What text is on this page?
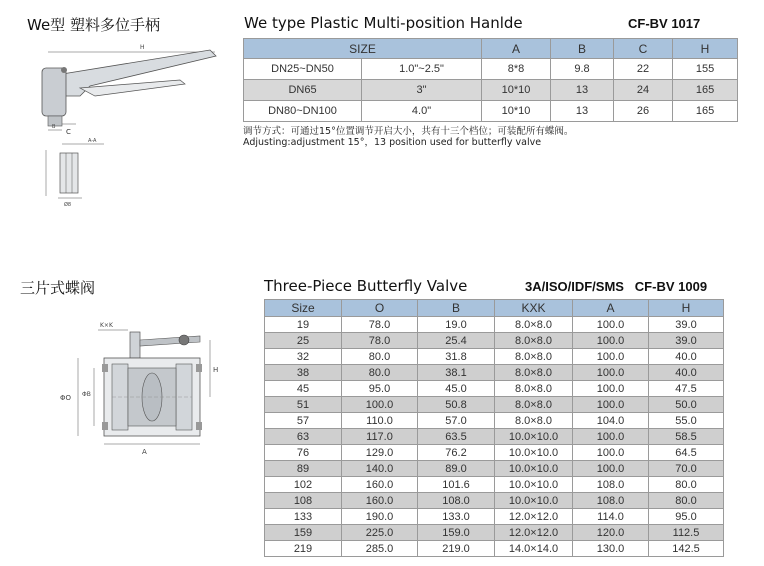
We型 塑料多位手柄	We type Plastic Multi-position Hanlde	CF-BV 1017
H
B
C
A-A
Ø8
SIZE		A	B	C	H
DN25~DN50	1.0"~2.5"	8*8	9.8	22	155
DN65	3"	10*10	13	24	165
DN80~DN100	4.0"	10*10	13	26	165
调节方式：可通过15°位置调节开启大小，共有十三个档位；可装配所有蝶阀。
Adjusting:adjustment 15°，13 position used for butterfly valve
三片式蝶阀	Three-Piece Butterfly Valve	3A/ISO/IDF/SMS   CF-BV 1009
K×K
ΦO ΦB
H
A
Size	O	B	KXK	A	H
19	78.0	19.0	8.0×8.0	100.0	39.0
25	78.0	25.4	8.0×8.0	100.0	39.0
32	80.0	31.8	8.0×8.0	100.0	40.0
38	80.0	38.1	8.0×8.0	100.0	40.0
45	95.0	45.0	8.0×8.0	100.0	47.5
51	100.0	50.8	8.0×8.0	100.0	50.0
57	110.0	57.0	8.0×8.0	104.0	55.0
63	117.0	63.5	10.0×10.0	100.0	58.5
76	129.0	76.2	10.0×10.0	100.0	64.5
89	140.0	89.0	10.0×10.0	100.0	70.0
102	160.0	101.6	10.0×10.0	108.0	80.0
108	160.0	108.0	10.0×10.0	108.0	80.0
133	190.0	133.0	12.0×12.0	114.0	95.0
159	225.0	159.0	12.0×12.0	120.0	112.5
219	285.0	219.0	14.0×14.0	130.0	142.5
